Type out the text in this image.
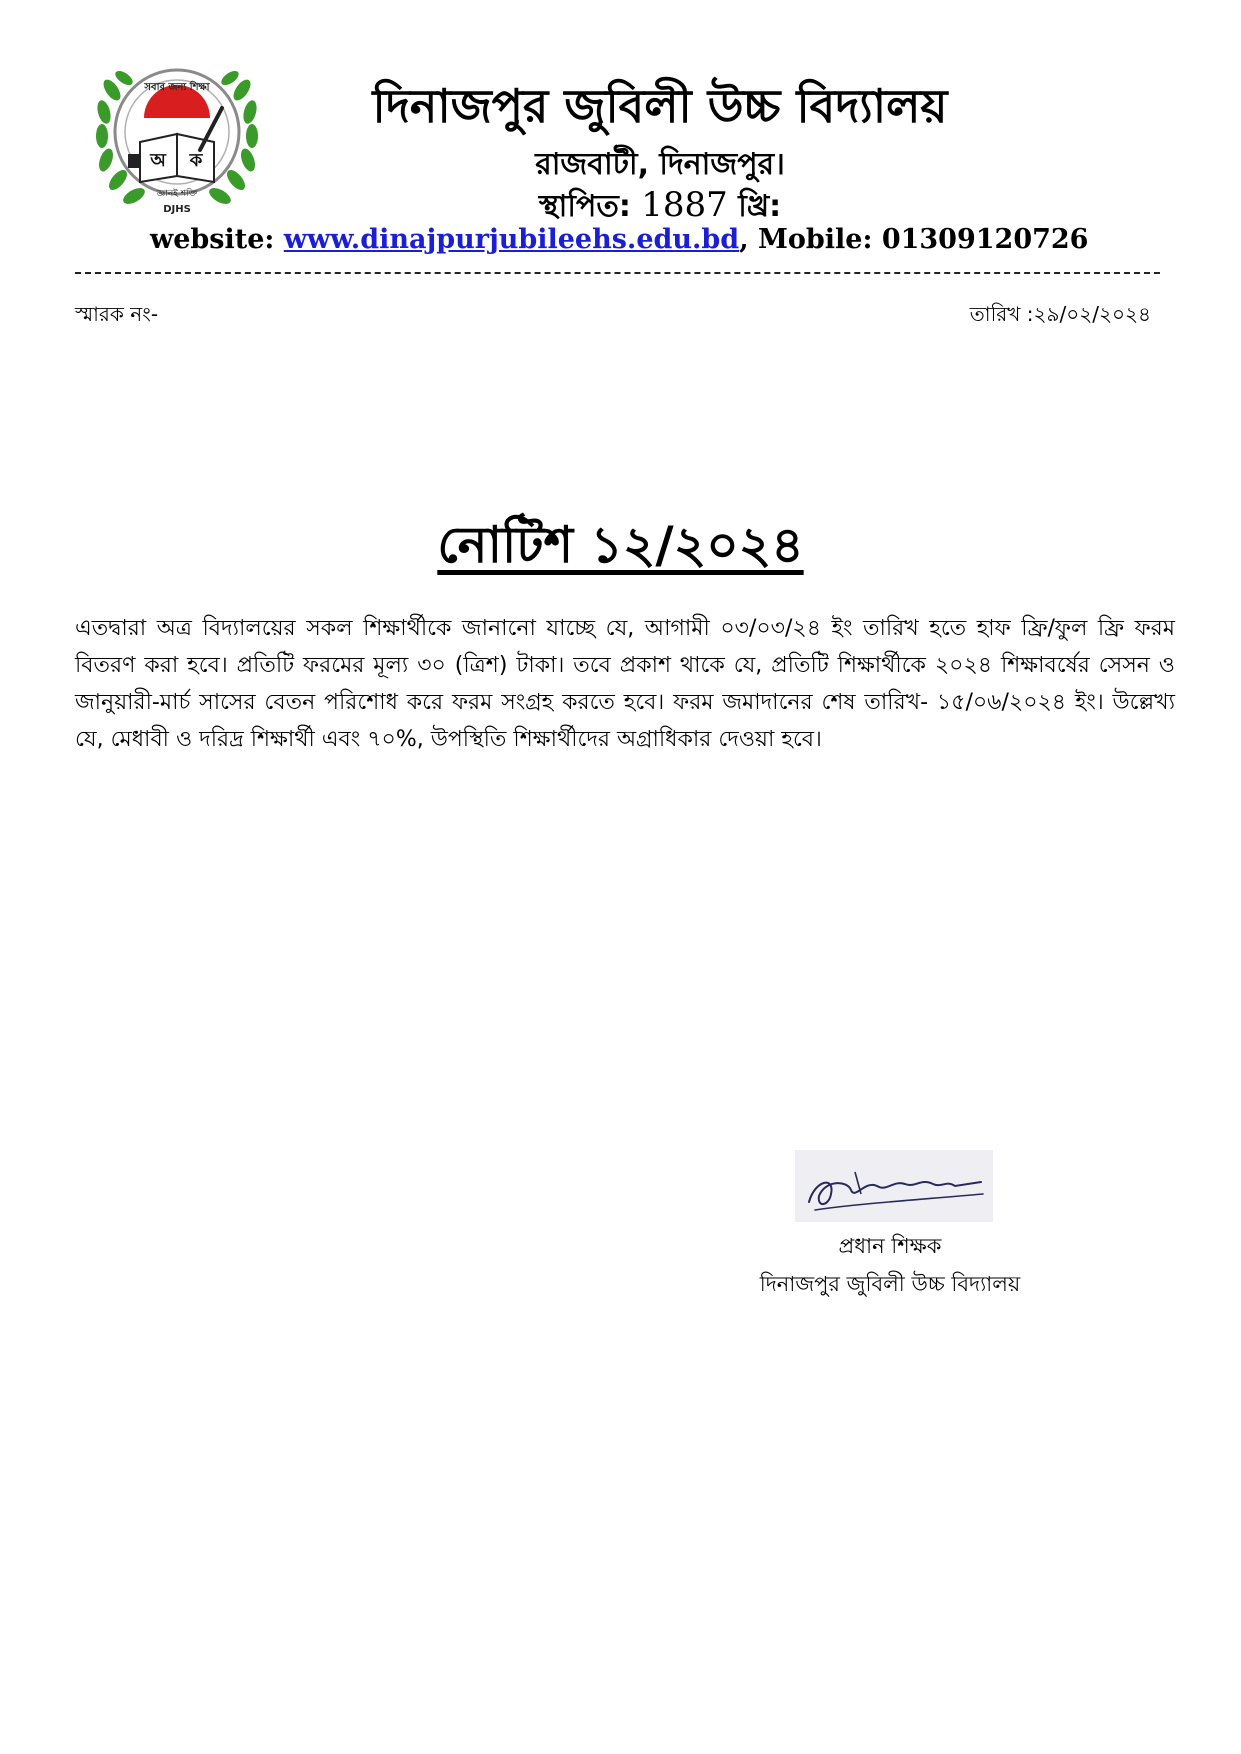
অ ক
সবার জন্য শিক্ষা
জ্ঞানই শক্তি
DJHS
দিনাজপুর জুবিলী উচ্চ বিদ্যালয়
রাজবাটী, দিনাজপুর।
স্থাপিত: 1887 খ্রি:
website: www.dinajpurjubileehs.edu.bd, Mobile: 01309120726
স্মারক নং-	তারিখ :২৯/০২/২০২৪
নোটিশ ১২/২০২৪
এতদ্বারা অত্র বিদ্যালয়ের সকল শিক্ষার্থীকে জানানো যাচ্ছে যে, আগামী ০৩/০৩/২৪ ইং তারিখ হতে হাফ ফ্রি/ফুল ফ্রি ফরম বিতরণ করা হবে। প্রতিটি ফরমের মূল্য ৩০ (ত্রিশ) টাকা। তবে প্রকাশ থাকে যে, প্রতিটি শিক্ষার্থীকে ২০২৪ শিক্ষাবর্ষের সেসন ও জানুয়ারী-মার্চ সাসের বেতন পরিশোধ করে ফরম সংগ্রহ করতে হবে। ফরম জমাদানের শেষ তারিখ- ১৫/০৬/২০২৪ ইং। উল্লেখ্য যে, মেধাবী ও দরিদ্র শিক্ষার্থী এবং ৭০%, উপস্থিতি শিক্ষার্থীদের অগ্রাধিকার দেওয়া হবে।
প্রধান শিক্ষক
দিনাজপুর জুবিলী উচ্চ বিদ্যালয়
